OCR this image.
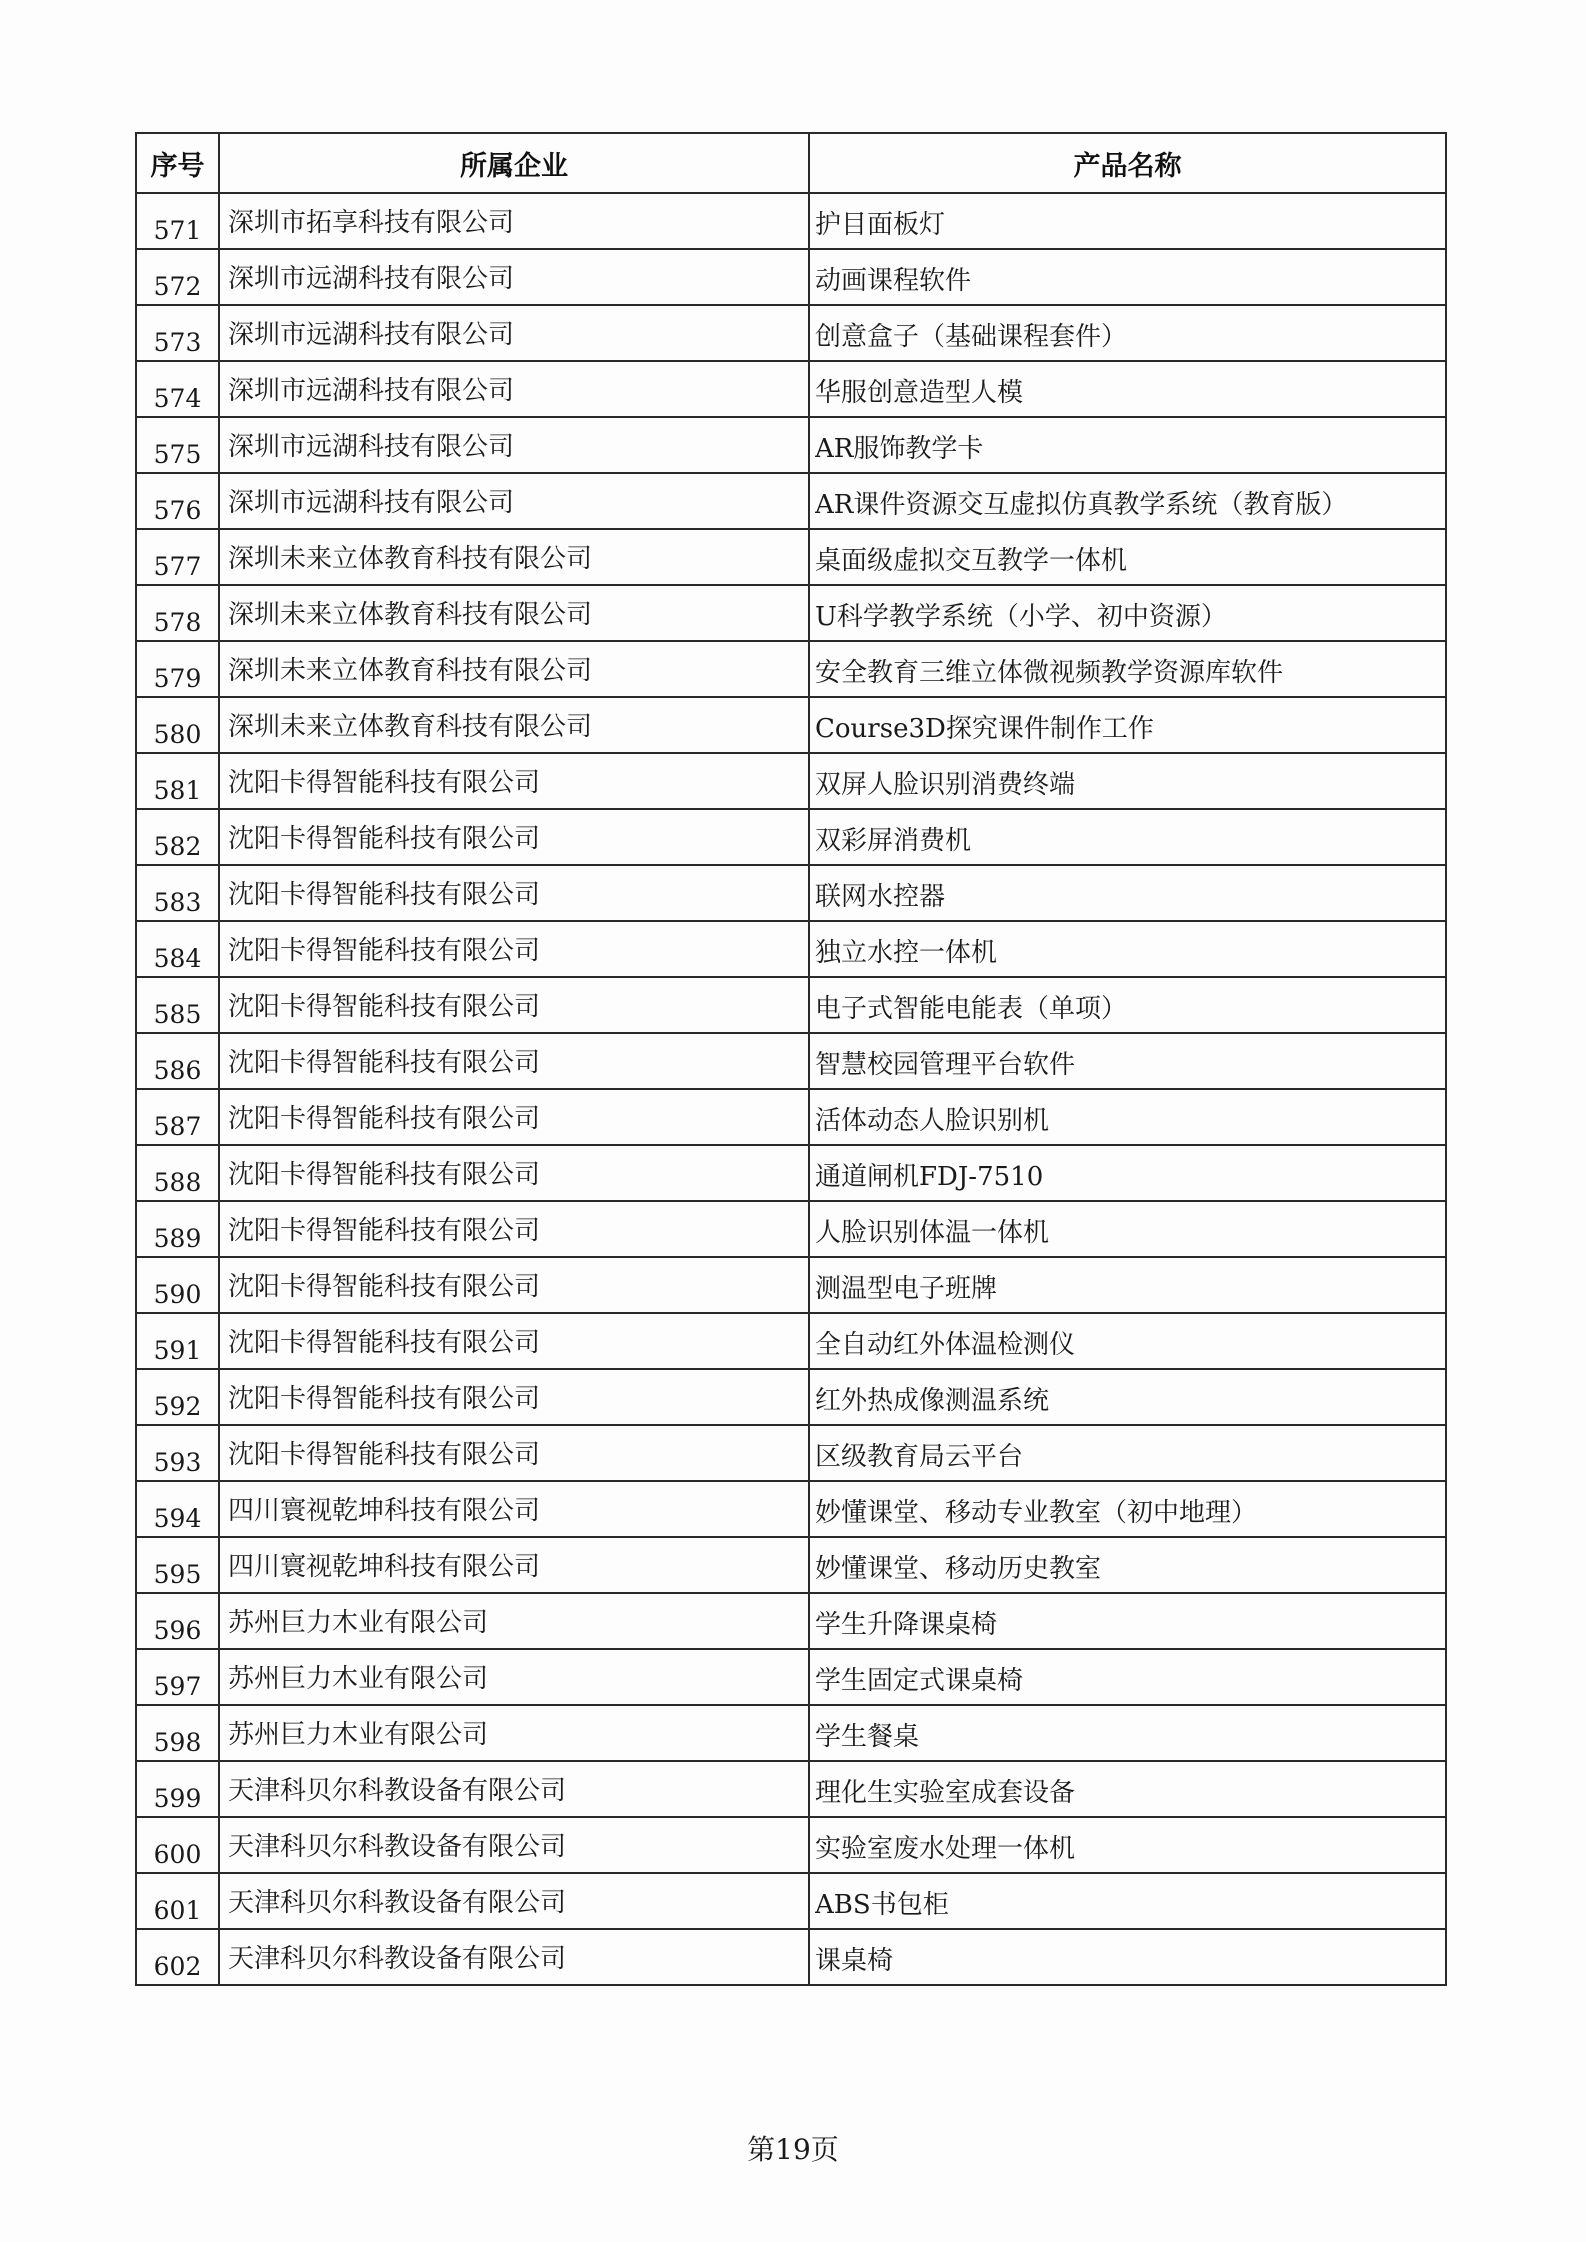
序号	所属企业	产品名称
571	深圳市拓享科技有限公司	护目面板灯

572	深圳市远湖科技有限公司	动画课程软件

573	深圳市远湖科技有限公司	创意盒子（基础课程套件）

574	深圳市远湖科技有限公司	华服创意造型人模

575	深圳市远湖科技有限公司	AR服饰教学卡

576	深圳市远湖科技有限公司	AR课件资源交互虚拟仿真教学系统（教育版）

577	深圳未来立体教育科技有限公司	桌面级虚拟交互教学一体机

578	深圳未来立体教育科技有限公司	U科学教学系统（小学、初中资源）

579	深圳未来立体教育科技有限公司	安全教育三维立体微视频教学资源库软件

580	深圳未来立体教育科技有限公司	Course3D探究课件制作工作

581	沈阳卡得智能科技有限公司	双屏人脸识别消费终端

582	沈阳卡得智能科技有限公司	双彩屏消费机

583	沈阳卡得智能科技有限公司	联网水控器

584	沈阳卡得智能科技有限公司	独立水控一体机

585	沈阳卡得智能科技有限公司	电子式智能电能表（单项）

586	沈阳卡得智能科技有限公司	智慧校园管理平台软件

587	沈阳卡得智能科技有限公司	活体动态人脸识别机

588	沈阳卡得智能科技有限公司	通道闸机FDJ-7510

589	沈阳卡得智能科技有限公司	人脸识别体温一体机

590	沈阳卡得智能科技有限公司	测温型电子班牌

591	沈阳卡得智能科技有限公司	全自动红外体温检测仪

592	沈阳卡得智能科技有限公司	红外热成像测温系统

593	沈阳卡得智能科技有限公司	区级教育局云平台

594	四川寰视乾坤科技有限公司	妙懂课堂、移动专业教室（初中地理）

595	四川寰视乾坤科技有限公司	妙懂课堂、移动历史教室

596	苏州巨力木业有限公司	学生升降课桌椅

597	苏州巨力木业有限公司	学生固定式课桌椅

598	苏州巨力木业有限公司	学生餐桌

599	天津科贝尔科教设备有限公司	理化生实验室成套设备

600	天津科贝尔科教设备有限公司	实验室废水处理一体机

601	天津科贝尔科教设备有限公司	ABS书包柜

602	天津科贝尔科教设备有限公司	课桌椅
第19页
